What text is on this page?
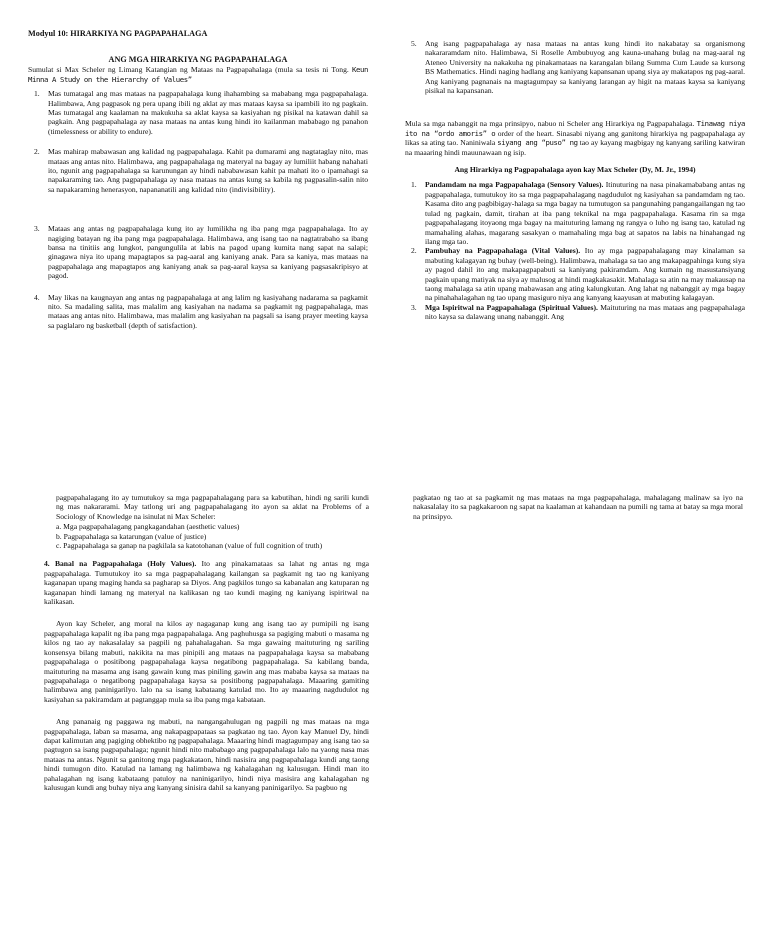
Modyul 10: HIRARKIYA NG PAGPAPAHALAGA

ANG MGA HIRARKIYA NG PAGPAPAHALAGA

Sumulat si Max Scheler ng Limang Katangian ng Mataas na Pagpapahalaga (mula sa tesis ni Tong. Keun Minna A Study on the Hierarchy of Values”

1. Mas tumatagal ang mas mataas na pagpapahalaga kung ihahambing sa mababang mga pagpapahalaga. Halimbawa, Ang pagpasok ng pera upang ibili ng aklat ay mas mataas kaysa sa ipambili ito ng pagkain. Mas tumatagal ang kaalaman na makukuha sa aklat kaysa sa kasiyahan ng pisikal na katawan dahil sa pagkain. Ang pagpapahalaga ay nasa mataas na antas kung hindi ito kailanman mababago ng panahon (timelessness or ability to endure).
2. Mas mahirap mabawasan ang kalidad ng pagpapahalaga. Kahit pa dumarami ang nagtataglay nito, mas mataas ang antas nito. Halimbawa, ang pagpapahalaga ng materyal na bagay ay lumiliit habang nahahati ito, ngunit ang pagpapahalaga sa karunungan ay hindi nababawasan kahit pa mahati ito o ipamahagi sa napakaraming tao. Ang pagpapahalaga ay nasa mataas na antas kung sa kabila ng pagpasalin-salin nito sa napakaraming henerasyon, napananatili ang kalidad nito (indivisibility).
3. Mataas ang antas ng pagpapahalaga kung ito ay lumilikha ng iba pang mga pagpapahalaga. Ito ay nagiging batayan ng iba pang mga pagpapahalaga. Halimbawa, ang isang tao na nagtatrabaho sa ibang bansa na tinitiis ang lungkot, pangungulila at labis na pagod upang kumita nang sapat na salapi; ginagawa niya ito upang mapagtapos sa pag-aaral ang kaniyang anak. Para sa kaniya, mas mataas na pagpapahalaga ang mapagtapos ang kaniyang anak sa pag-aaral kaysa sa kaniyang pagsasakripisyo at pagod.
4. May likas na kaugnayan ang antas ng pagpapahalaga at ang lalim ng kasiyahang nadarama sa pagkamit nito. Sa madaling salita, mas malalim ang kasiyahan na nadama sa pagkamit ng pagpapahalaga, mas mataas ang antas nito. Halimbawa, mas malalim ang kasiyahan na pagsali sa isang prayer meeting kaysa sa paglalaro ng basketball (depth of satisfaction).
5. Ang isang pagpapahalaga ay nasa mataas na antas kung hindi ito nakabatay sa organismong nakararamdam nito. Halimbawa, Si Roselle Ambubuyog ang kauna-unahang bulag na mag-aaral ng Ateneo University na nakakuha ng pinakamataas na karangalan bilang Summa Cum Laude sa kursong BS Mathematics. Hindi naging hadlang ang kaniyang kapansanan upang siya ay makatapos ng pag-aaral. Ang kaniyang pagnanais na magtagumpay sa kaniyang larangan ay higit na mataas kaysa sa kaniyang pisikal na kapansanan.

Mula sa mga nabanggit na mga prinsipyo, nabuo ni Scheler ang Hirarkiya ng Pagpapahalaga. Tinawag niya ito na “ordo amoris” o order of the heart. Sinasabi niyang ang ganitong hirarkiya ng pagpapahalaga ay likas sa ating tao. Naniniwala siyang ang “puso” ng tao ay kayang magbigay ng kanyang sariling katwiran na maaaring hindi mauunawaan ng isip.

Ang Hirarkiya ng Pagpapahalaga ayon kay Max Scheler (Dy, M. Jr., 1994)

1. Pandamdam na mga Pagpapahalaga (Sensory Values). Itinuturing na nasa pinakamababang antas ng pagpapahalaga, tumutukoy ito sa mga pagpapahalagang nagdudulot ng kasiyahan sa pandamdam ng tao. Kasama dito ang pagbibigay-halaga sa mga bagay na tumutugon sa pangunahing pangangailangan ng tao tulad ng pagkain, damit, tirahan at iba pang teknikal na mga pagpapahalaga. Kasama rin sa mga pagpapahalagang itoyaong mga bagay na maituturing lamang ng rangya o luho ng isang tao, katulad ng mamahaling alahas, magarang sasakyan o mamahaling mga bag at sapatos na labis na hinahangad ng ilang mga tao.
2. Pambuhay na Pagpapahalaga (Vital Values). Ito ay mga pagpapahalagang may kinalaman sa mabuting kalagayan ng buhay (well-being). Halimbawa, mahalaga sa tao ang makapagpahinga kung siya ay pagod dahil ito ang makapagpapabuti sa kaniyang pakiramdam. Ang kumain ng masustansiyang pagkain upang matiyak na siya ay malusog at hindi magkakasakit. Mahalaga sa atin na may makausap na taong mahalaga sa atin upang mabawasan ang ating kalungkutan. Ang lahat ng nabanggit ay mga bagay na pinahahalagahan ng tao upang masiguro niya ang kanyang kaayusan at mabuting kalagayan.
3. Mga Ispiritwal na Pagpapahalaga (Spiritual Values). Maituturing na mas mataas ang pagpapahalaga nito kaysa sa dalawang unang nabanggit. Ang

pagpapahalagang ito ay tumutukoy sa mga pagpapahalagang para sa kabutihan, hindi ng sarili kundi ng mas nakararami. May tatlong uri ang pagpapahalagang ito ayon sa aklat na Problems of a Sociology of Knowledge na isinulat ni Max Scheler:

a. Mga pagpapahalagang pangkagandahan (aesthetic values)

b. Pagpapahalaga sa katarungan (value of justice)

c. Pagpapahalaga sa ganap na pagkilala sa katotohanan (value of full cognition of truth)

4. Banal na Pagpapahalaga (Holy Values). Ito ang pinakamataas sa lahat ng antas ng mga pagpapahalaga. Tumutukoy ito sa mga pagpapahalagang kailangan sa pagkamit ng tao ng kaniyang kaganapan upang maging handa sa pagharap sa Diyos. Ang pagkilos tungo sa kabanalan ang katuparan ng kaganapan hindi lamang ng materyal na kalikasan ng tao kundi maging ng kaniyang ispiritwal na kalikasan.

Ayon kay Scheler, ang moral na kilos ay nagaganap kung ang isang tao ay pumipili ng isang pagpapahalaga kapalit ng iba pang mga pagpapahalaga. Ang paghuhusga sa pagiging mabuti o masama ng kilos ng tao ay nakasalalay sa pagpili ng pahahalagahan. Sa mga gawaing maituturing ng sariling konsensya bilang mabuti, nakikita na mas pinipili ang mataas na pagpapahalaga kaysa sa mababang pagpapahalaga o positibong pagpapahalaga kaysa negatibong pagpapahalaga. Sa kabilang banda, maituturing na masama ang isang gawain kung mas piniling gawin ang mas mababa kaysa sa mataas na pagpapahalaga o negatibong pagpapahalaga kaysa sa positibong pagpapahalaga. Maaaring gamiting halimbawa ang paninigarilyo. lalo na sa isang kabataang katulad mo. Ito ay maaaring nagdudulot ng kasiyahan sa pakiramdam at pagtanggap mula sa iba pang mga kabataan.

Ang pananaig ng paggawa ng mabuti, na nangangahulugan ng pagpili ng mas mataas na mga pagpapahalaga, laban sa masama, ang nakapagpapataas sa pagkatao ng tao. Ayon kay Manuel Dy, hindi dapat kalimutan ang pagiging obhektibo ng pagpapahalaga. Maaaring hindi magtagumpay ang isang tao sa pagtugon sa isang pagpapahalaga; ngunit hindi nito mababago ang pagpapahalaga lalo na yaong nasa mas mataas na antas. Ngunit sa ganitong mga pagkakataon, hindi nasisira ang pagpapahalaga kundi ang taong hindi tumugon dito. Katulad na lamang ng halimbawa ng kahalagahan ng kalusugan. Hindi man ito pahalagahan ng isang kabataang patuloy na naninigarilyo, hindi niya masisira ang kahalagahan ng kalusugan kundi ang buhay niya ang kanyang sinisira dahil sa kanyang paninigarilyo. Sa pagbuo ng

pagkatao ng tao at sa pagkamit ng mas mataas na mga pagpapahalaga, mahalagang malinaw sa iyo na nakasalalay ito sa pagkakaroon ng sapat na kaalaman at kahandaan na pumili ng tama at batay sa mga moral na prinsipyo.
